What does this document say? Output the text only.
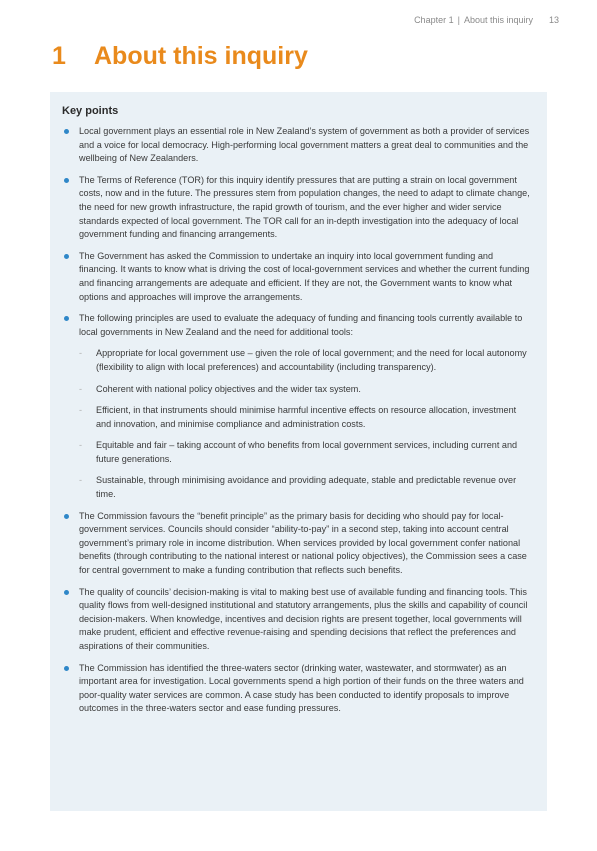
Chapter 1 | About this inquiry 13
1 About this inquiry
Key points
Local government plays an essential role in New Zealand’s system of government as both a provider of services and a voice for local democracy. High-performing local government matters a great deal to communities and the wellbeing of New Zealanders.
The Terms of Reference (TOR) for this inquiry identify pressures that are putting a strain on local government costs, now and in the future. The pressures stem from population changes, the need to adapt to climate change, the need for new growth infrastructure, the rapid growth of tourism, and the ever higher and wider service standards expected of local government. The TOR call for an in-depth investigation into the adequacy of local government funding and financing arrangements.
The Government has asked the Commission to undertake an inquiry into local government funding and financing. It wants to know what is driving the cost of local-government services and whether the current funding and financing arrangements are adequate and efficient. If they are not, the Government wants to know what options and approaches will improve the arrangements.
The following principles are used to evaluate the adequacy of funding and financing tools currently available to local governments in New Zealand and the need for additional tools:
- Appropriate for local government use – given the role of local government; and the need for local autonomy (flexibility to align with local preferences) and accountability (including transparency).
- Coherent with national policy objectives and the wider tax system.
- Efficient, in that instruments should minimise harmful incentive effects on resource allocation, investment and innovation, and minimise compliance and administration costs.
- Equitable and fair – taking account of who benefits from local government services, including current and future generations.
- Sustainable, through minimising avoidance and providing adequate, stable and predictable revenue over time.
The Commission favours the “benefit principle” as the primary basis for deciding who should pay for local-government services. Councils should consider “ability-to-pay” in a second step, taking into account central government’s primary role in income distribution. When services provided by local government confer national benefits (through contributing to the national interest or national policy objectives), the Commission sees a case for central government to make a funding contribution that reflects such benefits.
The quality of councils’ decision-making is vital to making best use of available funding and financing tools. This quality flows from well-designed institutional and statutory arrangements, plus the skills and capability of council decision-makers. When knowledge, incentives and decision rights are present together, local governments will make prudent, efficient and effective revenue-raising and spending decisions that reflect the preferences and aspirations of their communities.
The Commission has identified the three-waters sector (drinking water, wastewater, and stormwater) as an important area for investigation. Local governments spend a high portion of their funds on the three waters and poor-quality water services are common. A case study has been conducted to identify proposals to improve outcomes in the three-waters sector and ease funding pressures.
